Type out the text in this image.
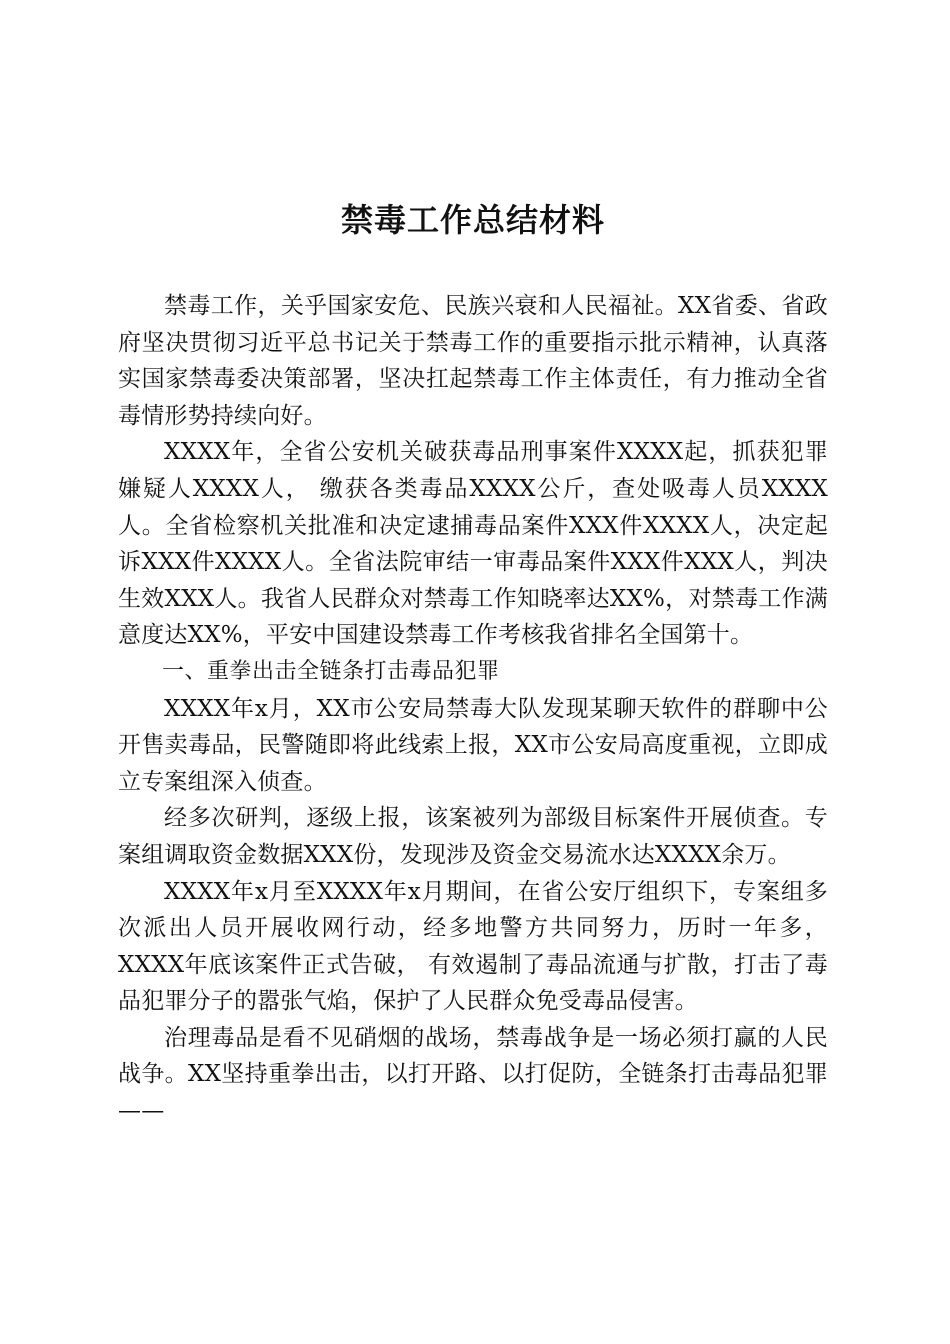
禁毒工作总结材料

禁毒工作，关乎国家安危、民族兴衰和人民福祉。XX省委、省政府坚决贯彻习近平总书记关于禁毒工作的重要指示批示精神，认真落实国家禁毒委决策部署，坚决扛起禁毒工作主体责任，有力推动全省毒情形势持续向好。

XXXX年，全省公安机关破获毒品刑事案件XXXX起，抓获犯罪嫌疑人XXXX人， 缴获各类毒品XXXX公斤，查处吸毒人员XXXX人。全省检察机关批准和决定逮捕毒品案件XXX件XXXX人，决定起诉XXX件XXXX人。全省法院审结一审毒品案件XXX件XXX人，判决生效XXX人。我省人民群众对禁毒工作知晓率达XX%，对禁毒工作满意度达XX%，平安中国建设禁毒工作考核我省排名全国第十。

一、重拳出击全链条打击毒品犯罪

XXXX年x月，XX市公安局禁毒大队发现某聊天软件的群聊中公开售卖毒品，民警随即将此线索上报，XX市公安局高度重视，立即成立专案组深入侦查。

经多次研判，逐级上报，该案被列为部级目标案件开展侦查。专案组调取资金数据XXX份，发现涉及资金交易流水达XXXX余万。

XXXX年x月至XXXX年x月期间，在省公安厅组织下，专案组多次派出人员开展收网行动，经多地警方共同努力，历时一年多，XXXX年底该案件正式告破， 有效遏制了毒品流通与扩散，打击了毒品犯罪分子的嚣张气焰，保护了人民群众免受毒品侵害。

治理毒品是看不见硝烟的战场，禁毒战争是一场必须打赢的人民战争。XX坚持重拳出击，以打开路、以打促防，全链条打击毒品犯罪——
